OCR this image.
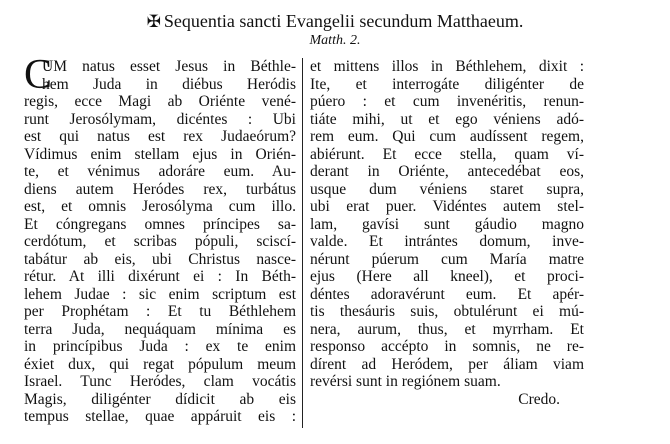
✠ Sequentia sancti Evangelii secundum Matthaeum.
Matth. 2.
C
UM natus esset Jesus in Béthle-
hem Juda in diébus Heródis
regis, ecce Magi ab Oriénte vené-
runt Jerosólymam, dicéntes : Ubi
est qui natus est rex Judaeórum?
Vídimus enim stellam ejus in Orién-
te, et vénimus adoráre eum. Au-
diens autem Heródes rex, turbátus
est, et omnis Jerosólyma cum illo.
Et cóngregans omnes príncipes sa-
cerdótum, et scribas pópuli, sciscí-
tabátur ab eis, ubi Christus nasce-
rétur. At illi dixérunt ei : In Béth-
lehem Judae : sic enim scriptum est
per Prophétam : Et tu Béthlehem
terra Juda, nequáquam mínima es
in princípibus Juda : ex te enim
éxiet dux, qui regat pópulum meum
Israel. Tunc Heródes, clam vocátis
Magis, diligénter dídicit ab eis
tempus stellae, quae appáruit eis :
et mittens illos in Béthlehem, dixit :
Ite, et interrogáte diligénter de
púero : et cum invenéritis, renun-
tiáte mihi, ut et ego véniens adó-
rem eum. Qui cum audíssent regem,
abiérunt. Et ecce stella, quam ví-
derant in Oriénte, antecedébat eos,
usque dum véniens staret supra,
ubi erat puer. Vidéntes autem stel-
lam, gavísi sunt gáudio magno
valde. Et intrántes domum, inve-
nérunt púerum cum María matre
ejus (Here all kneel), et proci-
déntes adoravérunt eum. Et apér-
tis thesáuris suis, obtulérunt ei mú-
nera, aurum, thus, et myrrham. Et
responso accépto in somnis, ne re-
dírent ad Heródem, per áliam viam
revérsi sunt in regiónem suam.
Credo.
